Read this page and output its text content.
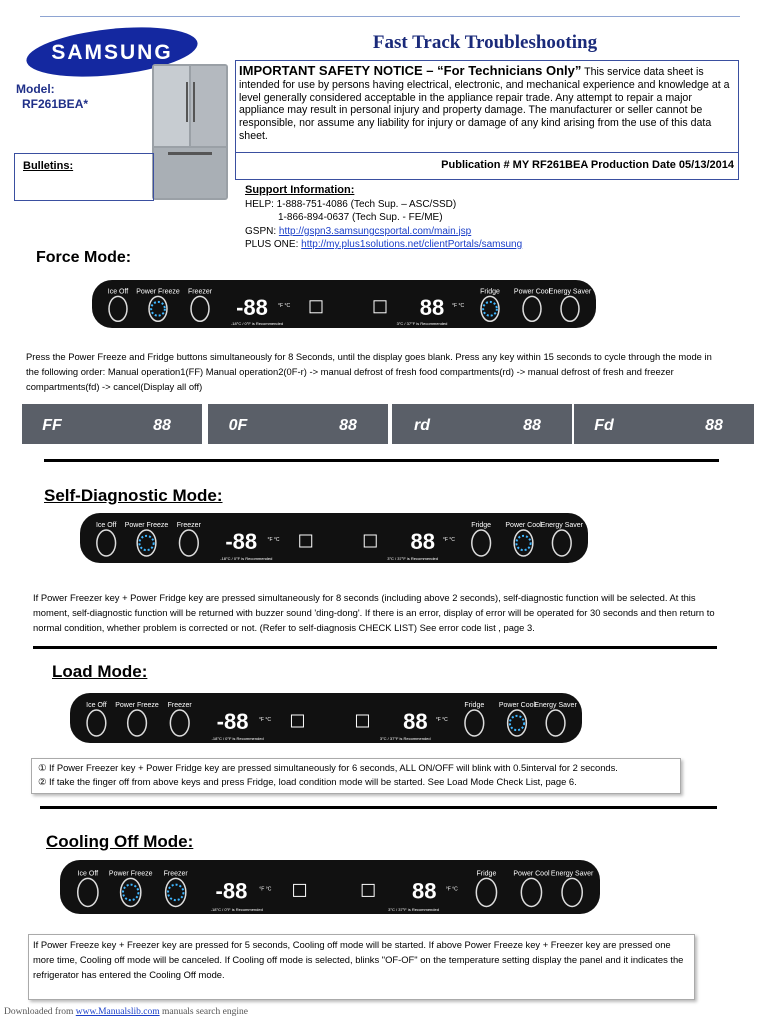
SAMSUNG	Fast Track Troubleshooting
Model:
RF261BEA*
Bulletins:
IMPORTANT SAFETY NOTICE – “For Technicians Only” This service data sheet is intended for use by persons having electrical, electronic, and mechanical experience and knowledge at a level generally considered acceptable in the appliance repair trade. Any attempt to repair a major appliance may result in personal injury and property damage. The manufacturer or seller cannot be responsible, nor assume any liability for injury or damage of any kind arising from the use of this data sheet.
Publication # MY RF261BEA Production Date 05/13/2014
Support Information:
HELP: 1-888-751-4086 (Tech Sup. – ASC/SSD)
1-866-894-0637 (Tech Sup. - FE/ME)
GSPN: http://gspn3.samsungcsportal.com/main.jsp
PLUS ONE: http://my.plus1solutions.net/clientPortals/samsung
Force Mode:
Ice Off Power Freeze Freezer
-88 °F °C
-18°C / 0°F is Recommended
88 °F °C
3°C / 37°F is Recommended
Fridge Power Cool
Energy Saver
Press the Power Freeze and Fridge buttons simultaneously for 8 Seconds, until the display goes blank. Press any key within 15 seconds to cycle through the mode in the following order: Manual operation1(FF) Manual operation2(0F-r) -> manual defrost of fresh food compartments(rd) -> manual defrost of fresh and freezer compartments(fd) -> cancel(Display all off)
FF	88	0F	88	rd	88	Fd	88
Self-Diagnostic Mode:
Ice Off Power Freeze Freezer
-88 °F °C
-18°C / 0°F is Recommended
88 °F °C
3°C / 37°F is Recommended
Fridge Power Cool
Energy Saver
If Power Freezer key + Power Fridge key are pressed simultaneously for 8 seconds (including above 2 seconds), self-diagnostic function will be selected. At this moment, self-diagnostic function will be returned with buzzer sound 'ding-dong'. If there is an error, display of error will be operated for 30 seconds and then return to normal condition, whether problem is corrected or not. (Refer to self-diagnosis CHECK LIST) See error code list , page 3.
Load Mode:
Ice Off Power Freeze Freezer
-88 °F °C
-18°C / 0°F is Recommended
88 °F °C
3°C / 37°F is Recommended
Fridge Power Cool Energy Saver
① If Power Freezer key + Power Fridge key are pressed simultaneously for 6 seconds, ALL ON/OFF will blink with 0.5interval for 2 seconds.
② If take the finger off from above keys and press Fridge, load condition mode will be started. See Load Mode Check List, page 6.
Cooling Off Mode:
Ice Off Power Freeze Freezer
-88 °F °C
-18°C / 0°F is Recommended
88 °F °C
3°C / 37°F is Recommended
Fridge Power Cool Energy Saver
If Power Freeze key + Freezer key are pressed for 5 seconds, Cooling off mode will be started. If above Power Freeze key + Freezer key are pressed one more time, Cooling off mode will be canceled. If Cooling off mode is selected, blinks "OF-OF" on the temperature setting display the panel and it indicates the refrigerator has entered the Cooling Off mode.
Downloaded from www.Manualslib.com manuals search engine
